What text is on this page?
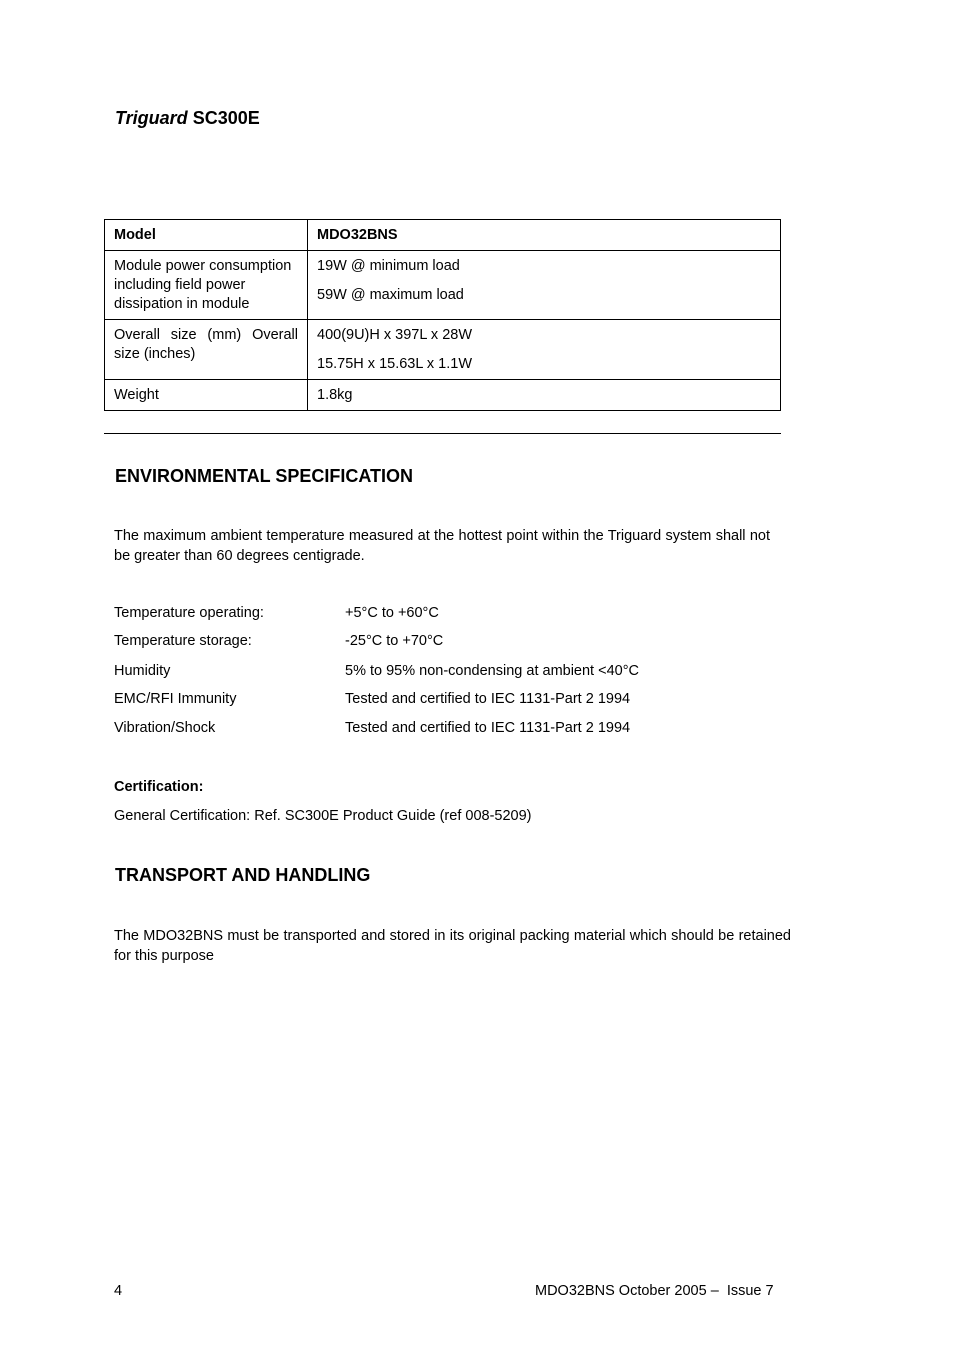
Triguard SC300E
Model	MDO32BNS
Module power consumption including field power dissipation in module	19W @ minimum load

59W @ maximum load

Overall size (mm) Overall size (inches)	400(9U)H x 397L x 28W

15.75H x 15.63L x 1.1W

Weight	1.8kg

ENVIRONMENTAL SPECIFICATION
The maximum ambient temperature measured at the hottest point within the Triguard system shall not be greater than 60 degrees centigrade.
Temperature operating:	+5°C to +60°C
Temperature storage:	-25°C to +70°C
Humidity	5% to 95% non-condensing at ambient <40°C
EMC/RFI Immunity	Tested and certified to IEC 1131-Part 2 1994
Vibration/Shock	Tested and certified to IEC 1131-Part 2 1994
Certification:
General Certification: Ref. SC300E Product Guide (ref 008-5209)
TRANSPORT AND HANDLING
The MDO32BNS must be transported and stored in its original packing material which should be retained for this purpose
4	MDO32BNS October 2005 –  Issue 7
